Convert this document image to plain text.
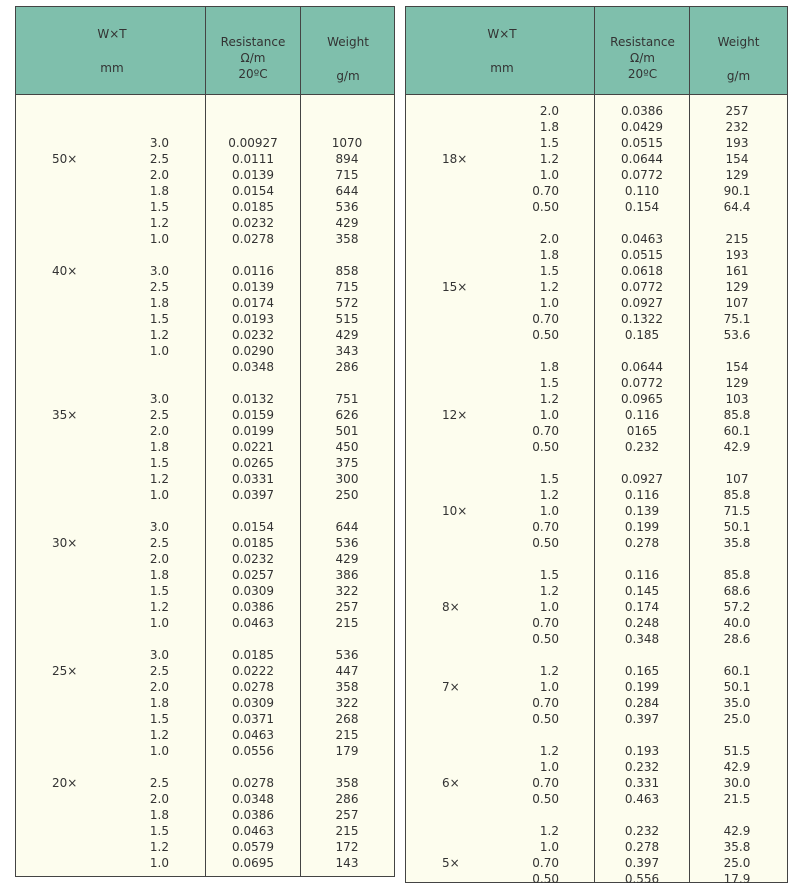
W×T
mm
Resistance
Ω/m
20ºC
Weight
g/m
3.0	0.00927	1070
50×	2.5	0.0111	894
2.0	0.0139	715
1.8	0.0154	644
1.5	0.0185	536
1.2	0.0232	429
1.0	0.0278	358
40×	3.0	0.0116	858
2.5	0.0139	715
1.8	0.0174	572
1.5	0.0193	515
1.2	0.0232	429
1.0	0.0290	343
0.0348	286
3.0	0.0132	751
35×	2.5	0.0159	626
2.0	0.0199	501
1.8	0.0221	450
1.5	0.0265	375
1.2	0.0331	300
1.0	0.0397	250
3.0	0.0154	644
30×	2.5	0.0185	536
2.0	0.0232	429
1.8	0.0257	386
1.5	0.0309	322
1.2	0.0386	257
1.0	0.0463	215
3.0	0.0185	536
25×	2.5	0.0222	447
2.0	0.0278	358
1.8	0.0309	322
1.5	0.0371	268
1.2	0.0463	215
1.0	0.0556	179
20×	2.5	0.0278	358
2.0	0.0348	286
1.8	0.0386	257
1.5	0.0463	215
1.2	0.0579	172
1.0	0.0695	143
W×T
mm
Resistance
Ω/m
20ºC
Weight
g/m
2.0	0.0386	257
1.8	0.0429	232
1.5	0.0515	193
18×	1.2	0.0644	154
1.0	0.0772	129
0.70	0.110	90.1
0.50	0.154	64.4
2.0	0.0463	215
1.8	0.0515	193
1.5	0.0618	161
15×	1.2	0.0772	129
1.0	0.0927	107
0.70	0.1322	75.1
0.50	0.185	53.6
1.8	0.0644	154
1.5	0.0772	129
1.2	0.0965	103
12×	1.0	0.116	85.8
0.70	0165	60.1
0.50	0.232	42.9
1.5	0.0927	107
1.2	0.116	85.8
10×	1.0	0.139	71.5
0.70	0.199	50.1
0.50	0.278	35.8
1.5	0.116	85.8
1.2	0.145	68.6
8×	1.0	0.174	57.2
0.70	0.248	40.0
0.50	0.348	28.6
1.2	0.165	60.1
7×	1.0	0.199	50.1
0.70	0.284	35.0
0.50	0.397	25.0
1.2	0.193	51.5
1.0	0.232	42.9
6×	0.70	0.331	30.0
0.50	0.463	21.5
1.2	0.232	42.9
1.0	0.278	35.8
5×	0.70	0.397	25.0
0.50	0.556	17.9
